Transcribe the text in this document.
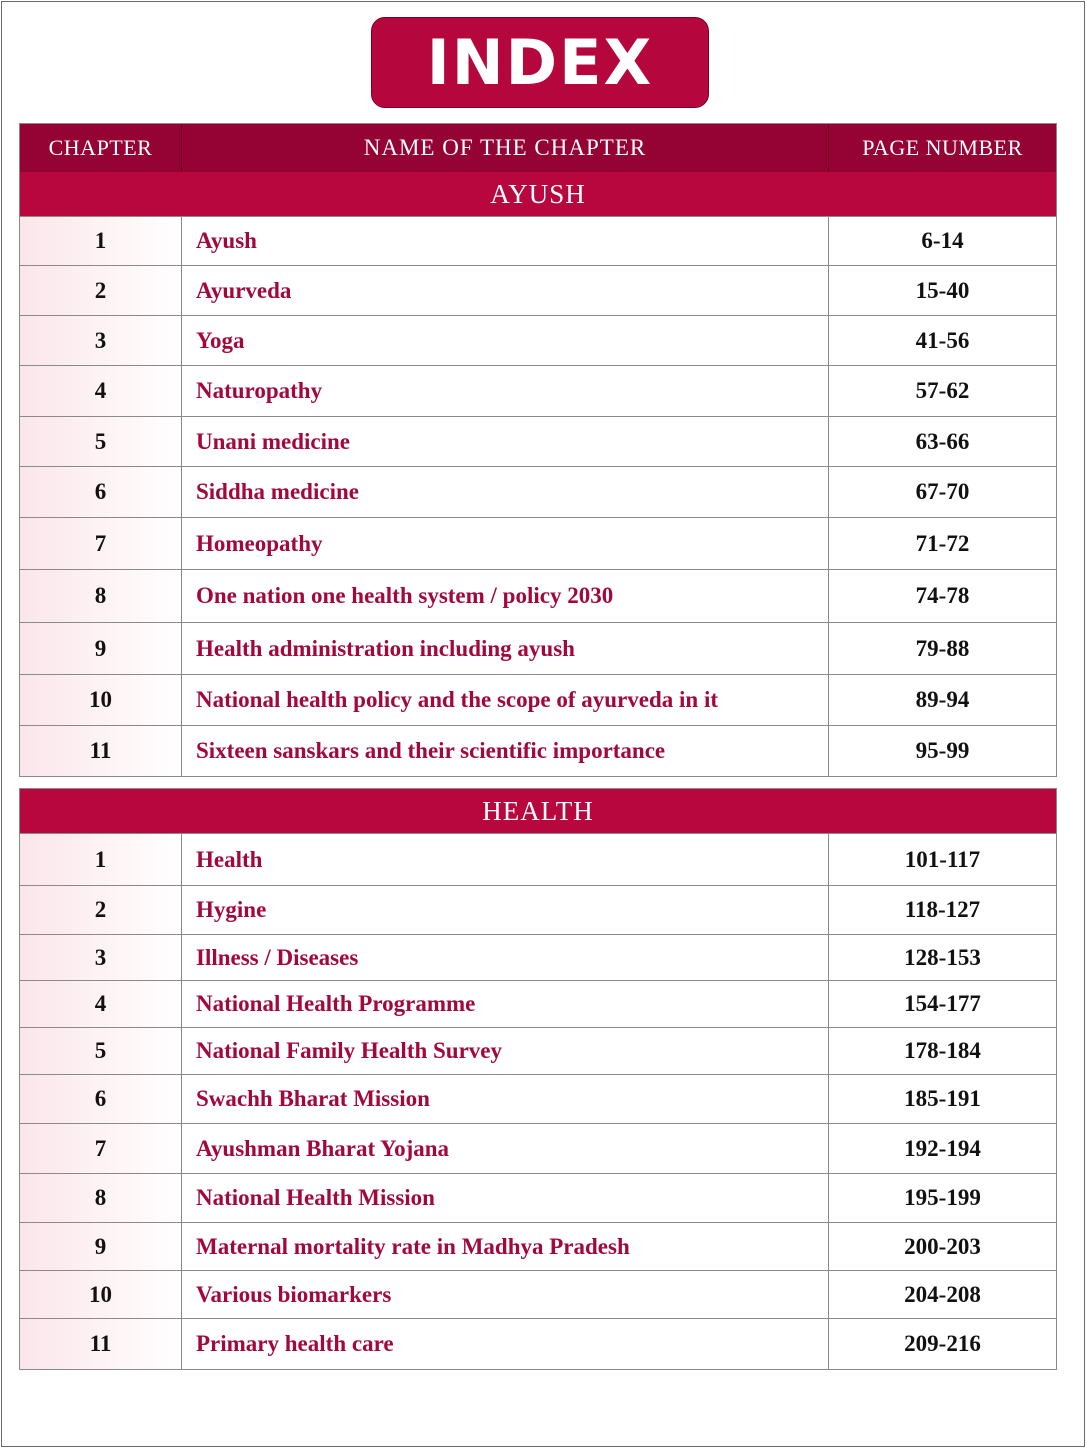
INDEX
CHAPTER	NAME OF THE CHAPTER	PAGE NUMBER
AYUSH
1	Ayush	6-14
2	Ayurveda	15-40
3	Yoga	41-56
4	Naturopathy	57-62
5	Unani medicine	63-66
6	Siddha medicine	67-70
7	Homeopathy	71-72
8	One nation one health system / policy 2030	74-78
9	Health administration including ayush	79-88
10	National health policy and the scope of ayurveda in it	89-94
11	Sixteen sanskars and their scientific importance	95-99
HEALTH
1	Health	101-117
2	Hygine	118-127
3	Illness / Diseases	128-153
4	National Health Programme	154-177
5	National Family Health Survey	178-184
6	Swachh Bharat Mission	185-191
7	Ayushman Bharat Yojana	192-194
8	National Health Mission	195-199
9	Maternal mortality rate in Madhya Pradesh	200-203
10	Various biomarkers	204-208
11	Primary health care	209-216
